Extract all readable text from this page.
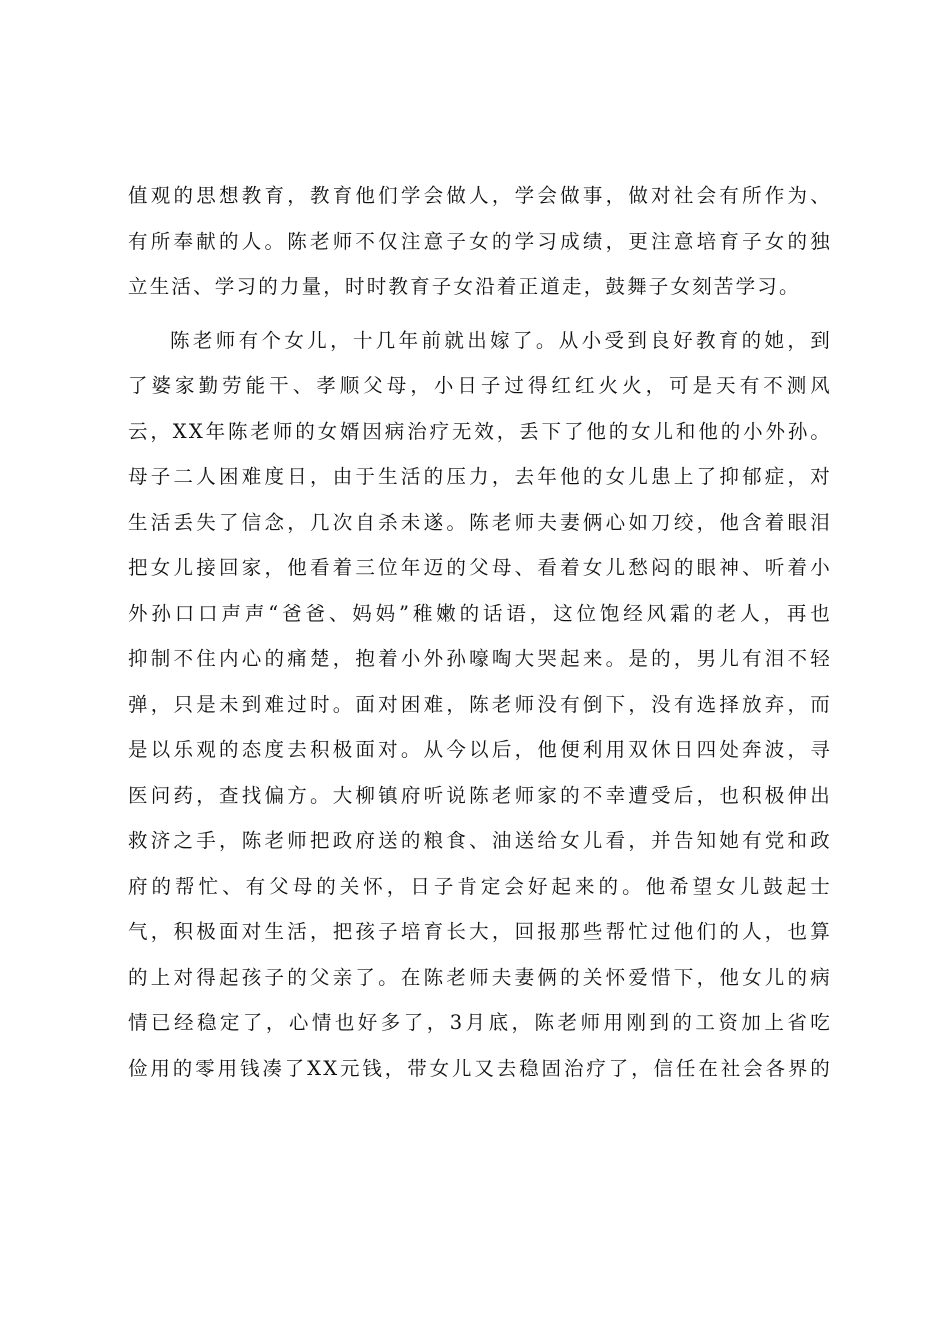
值观的思想教育，教育他们学会做人，学会做事，做对社会有所作为、
有所奉献的人。陈老师不仅注意子女的学习成绩，更注意培育子女的独
立生活、学习的力量，时时教育子女沿着正道走，鼓舞子女刻苦学习。
陈老师有个女儿，十几年前就出嫁了。从小受到良好教育的她，到
了婆家勤劳能干、孝顺父母，小日子过得红红火火，可是天有不测风
云，XX年陈老师的女婿因病治疗无效，丢下了他的女儿和他的小外孙。
母子二人困难度日，由于生活的压力，去年他的女儿患上了抑郁症，对
生活丢失了信念，几次自杀未遂。陈老师夫妻俩心如刀绞，他含着眼泪
把女儿接回家，他看着三位年迈的父母、看着女儿愁闷的眼神、听着小
外孙口口声声“爸爸、妈妈”稚嫩的话语，这位饱经风霜的老人，再也
抑制不住内心的痛楚，抱着小外孙嚎啕大哭起来。是的，男儿有泪不轻
弹，只是未到难过时。面对困难，陈老师没有倒下，没有选择放弃，而
是以乐观的态度去积极面对。从今以后，他便利用双休日四处奔波，寻
医问药，查找偏方。大柳镇府听说陈老师家的不幸遭受后，也积极伸出
救济之手，陈老师把政府送的粮食、油送给女儿看，并告知她有党和政
府的帮忙、有父母的关怀，日子肯定会好起来的。他希望女儿鼓起士
气，积极面对生活，把孩子培育长大，回报那些帮忙过他们的人，也算
的上对得起孩子的父亲了。在陈老师夫妻俩的关怀爱惜下，他女儿的病
情已经稳定了，心情也好多了，3月底，陈老师用刚到的工资加上省吃
俭用的零用钱凑了XX元钱，带女儿又去稳固治疗了，信任在社会各界的
